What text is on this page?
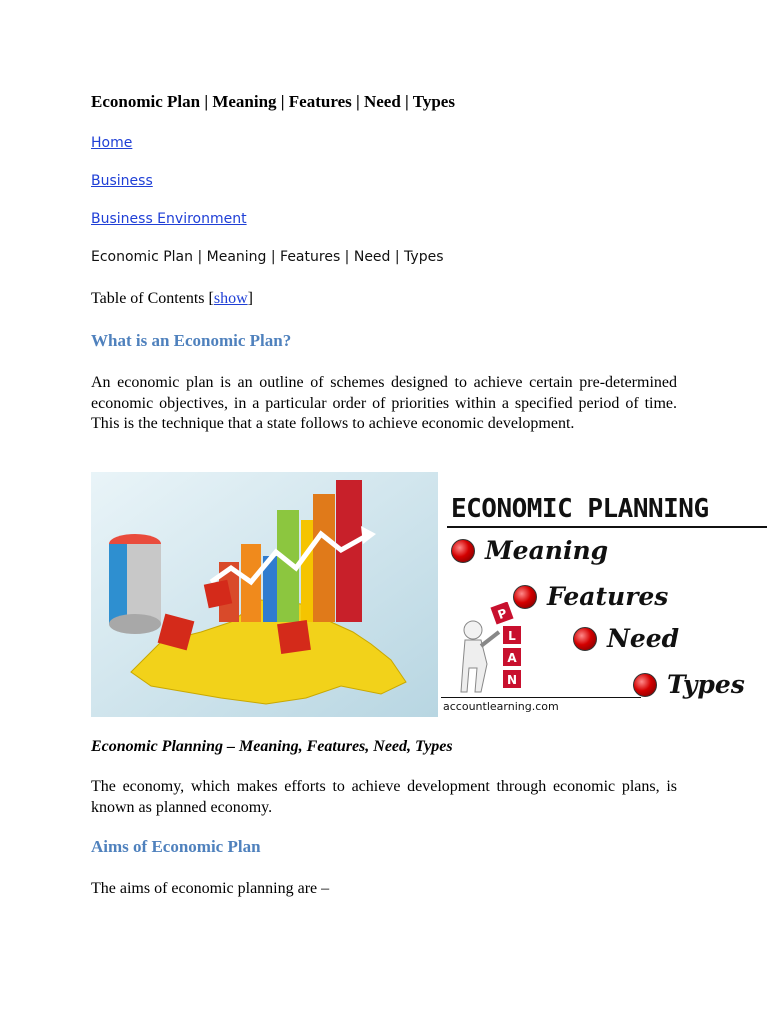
Economic Plan | Meaning | Features | Need | Types
Home
Business
Business Environment
Economic Plan | Meaning | Features | Need | Types
Table of Contents [show]
What is an Economic Plan?

An economic plan is an outline of schemes designed to achieve certain pre-determined economic objectives, in a particular order of priorities within a specified period of time. This is the technique that a state follows to achieve economic development.

Economic Planning – Meaning, Features, Need, Types

The economy, which makes efforts to achieve development through economic plans, is known as planned economy.

Aims of Economic Plan

The aims of economic planning are –

ECONOMIC PLANNING
Meaning
Features
Need
Types
P
L
A
N
accountlearning.com
